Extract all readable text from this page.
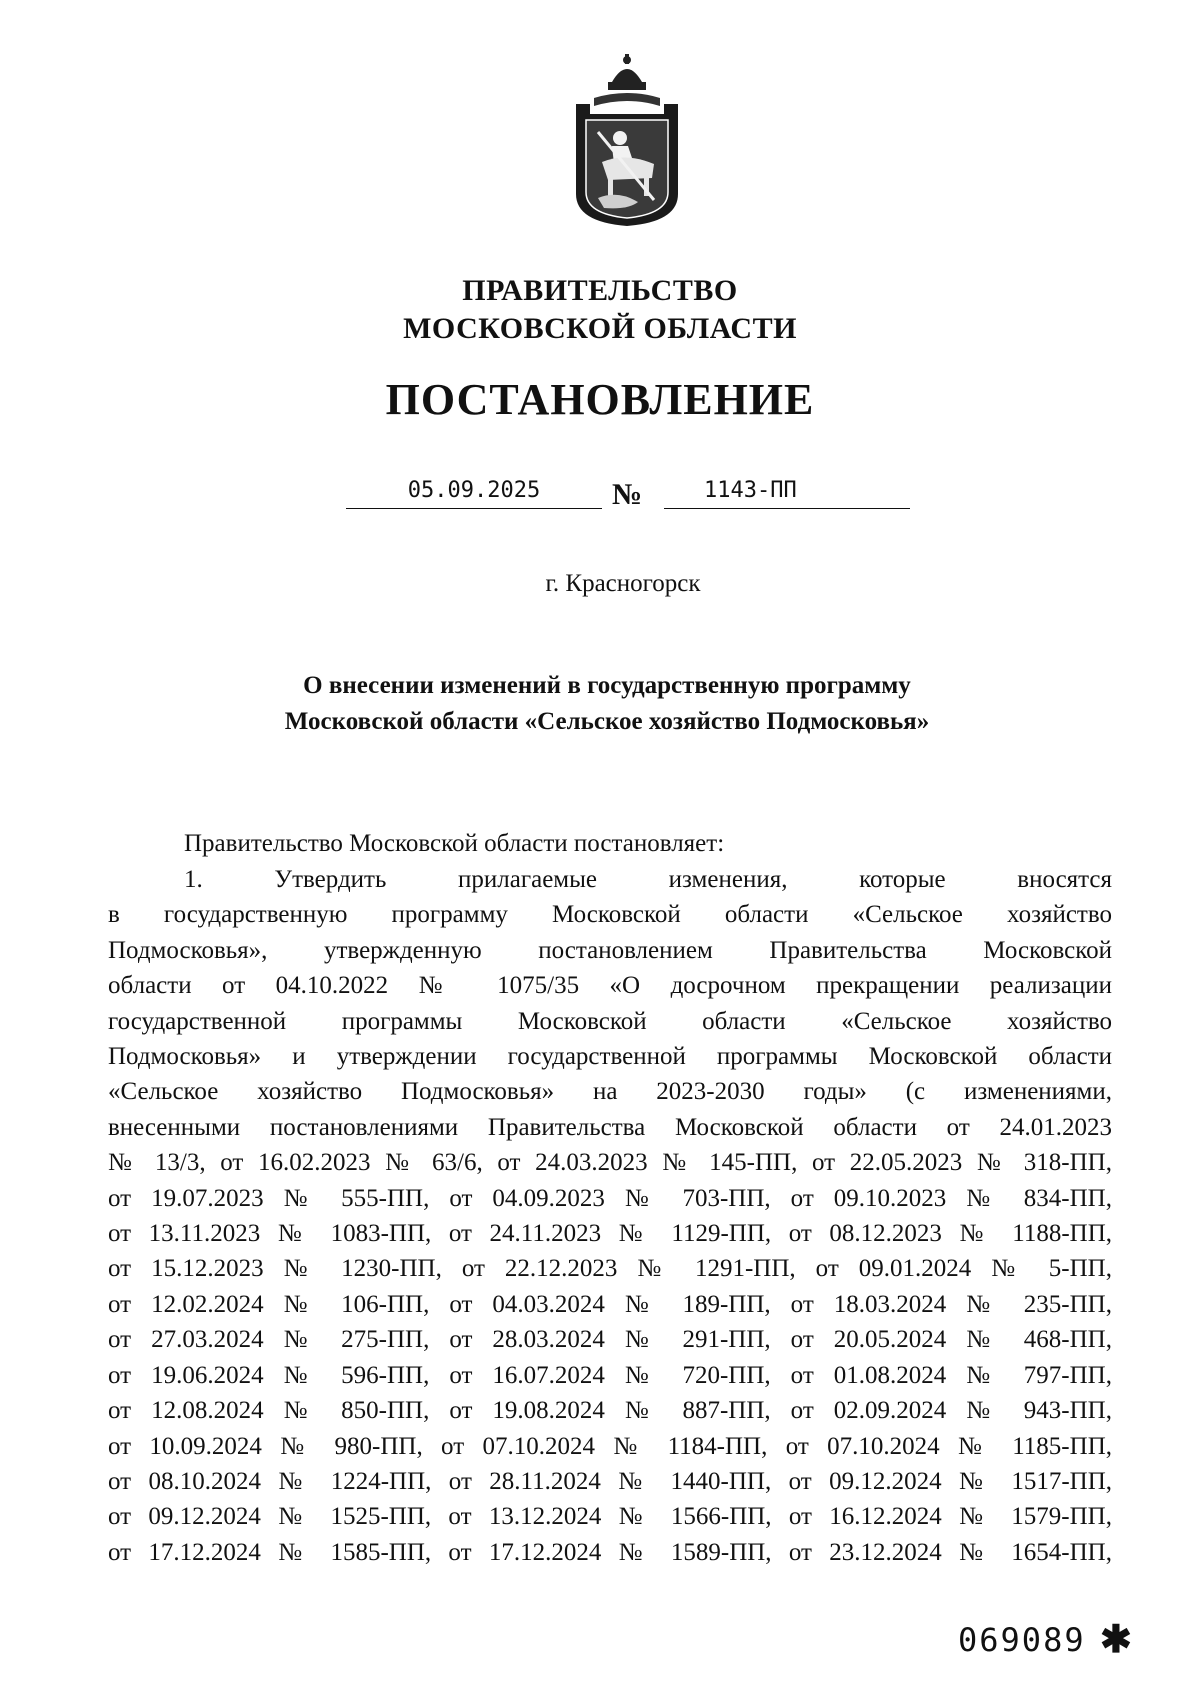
ПРАВИТЕЛЬСТВО
МОСКОВСКОЙ ОБЛАСТИ
ПОСТАНОВЛЕНИЕ
05.09.2025	№	1143-ПП
г. Красногорск
О внесении изменений в государственную программу
Московской области «Сельское хозяйство Подмосковья»
Правительство Московской области постановляет:
1. Утвердить прилагаемые изменения, которые вносятся
в государственную программу Московской области «Сельское хозяйство
Подмосковья», утвержденную постановлением Правительства Московской
области от 04.10.2022 № 1075/35 «О досрочном прекращении реализации
государственной программы Московской области «Сельское хозяйство
Подмосковья» и утверждении государственной программы Московской области
«Сельское хозяйство Подмосковья» на 2023-2030 годы» (с изменениями,
внесенными постановлениями Правительства Московской области от 24.01.2023
№ 13/3, от 16.02.2023 № 63/6, от 24.03.2023 № 145-ПП, от 22.05.2023 № 318-ПП,
от 19.07.2023 № 555-ПП, от 04.09.2023 № 703-ПП, от 09.10.2023 № 834-ПП,
от 13.11.2023 № 1083-ПП, от 24.11.2023 № 1129-ПП, от 08.12.2023 № 1188-ПП,
от 15.12.2023 № 1230-ПП, от 22.12.2023 № 1291-ПП, от 09.01.2024 № 5-ПП,
от 12.02.2024 № 106-ПП, от 04.03.2024 № 189-ПП, от 18.03.2024 № 235-ПП,
от 27.03.2024 № 275-ПП, от 28.03.2024 № 291-ПП, от 20.05.2024 № 468-ПП,
от 19.06.2024 № 596-ПП, от 16.07.2024 № 720-ПП, от 01.08.2024 № 797-ПП,
от 12.08.2024 № 850-ПП, от 19.08.2024 № 887-ПП, от 02.09.2024 № 943-ПП,
от 10.09.2024 № 980-ПП, от 07.10.2024 № 1184-ПП, от 07.10.2024 № 1185-ПП,
от 08.10.2024 № 1224-ПП, от 28.11.2024 № 1440-ПП, от 09.12.2024 № 1517-ПП,
от 09.12.2024 № 1525-ПП, от 13.12.2024 № 1566-ПП, от 16.12.2024 № 1579-ПП,
от 17.12.2024 № 1585-ПП, от 17.12.2024 № 1589-ПП, от 23.12.2024 № 1654-ПП,
069089 ✱
